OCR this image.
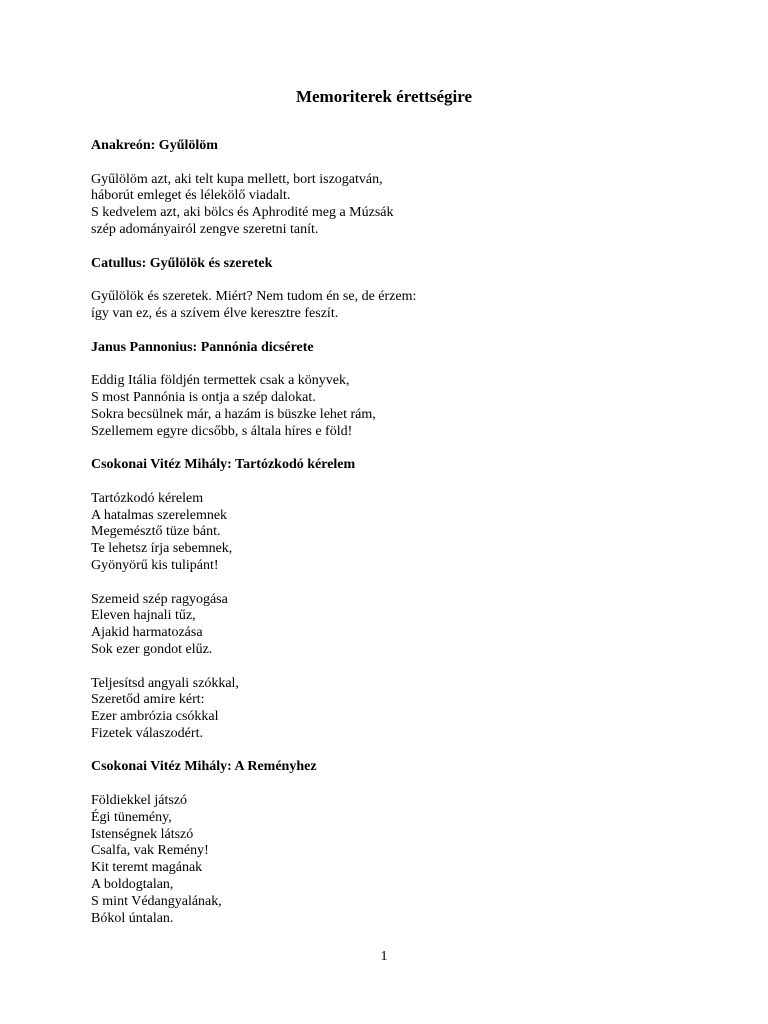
Memoriterek érettségire
Anakreón: Gyűlölöm
Gyűlölöm azt, aki telt kupa mellett, bort iszogatván,
háborút emleget és lélekölő viadalt.
S kedvelem azt, aki bölcs és Aphrodité meg a Múzsák
szép adományairól zengve szeretni tanít.
Catullus: Gyűlölök és szeretek
Gyűlölök és szeretek. Miért? Nem tudom én se, de érzem:
így van ez, és a szívem élve keresztre feszít.
Janus Pannonius: Pannónia dicsérete
Eddig Itália földjén termettek csak a könyvek,
S most Pannónia is ontja a szép dalokat.
Sokra becsülnek már, a hazám is büszke lehet rám,
Szellemem egyre dicsőbb, s általa híres e föld!
Csokonai Vitéz Mihály: Tartózkodó kérelem
Tartózkodó kérelem
A hatalmas szerelemnek
Megemésztő tüze bánt.
Te lehetsz írja sebemnek,
Gyönyörű kis tulipánt!
Szemeid szép ragyogása
Eleven hajnali tűz,
Ajakid harmatozása
Sok ezer gondot elűz.
Teljesítsd angyali szókkal,
Szeretőd amire kért:
Ezer ambrózia csókkal
Fizetek válaszodért.
Csokonai Vitéz Mihály: A Reményhez
Földiekkel játszó
Égi tünemény,
Istenségnek látszó
Csalfa, vak Remény!
Kit teremt magának
A boldogtalan,
S mint Védangyalának,
Bókol úntalan.
1
